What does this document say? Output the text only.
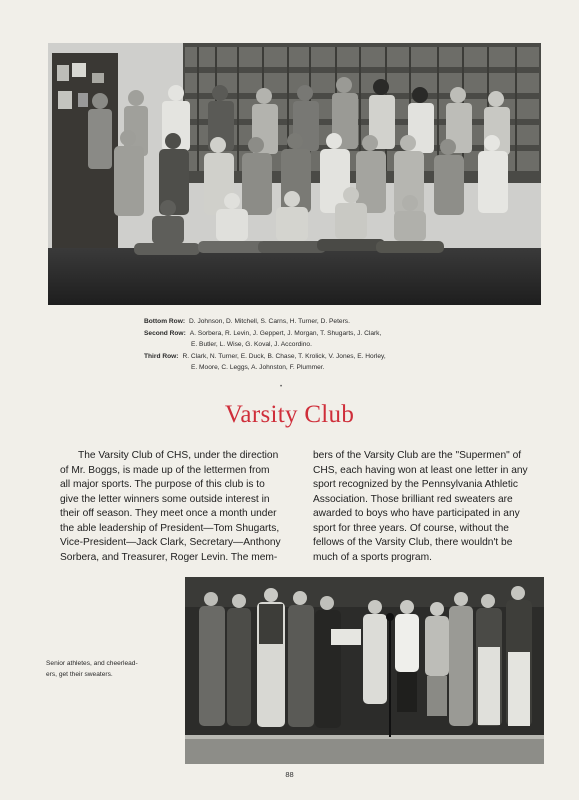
Bottom Row: D. Johnson, D. Mitchell, S. Carns, H. Turner, D. Peters.
Second Row: A. Sorbera, R. Levin, J. Geppert, J. Morgan, T. Shugarts, J. Clark,
E. Butler, L. Wise, G. Koval, J. Accordino.
Third Row: R. Clark, N. Turner, E. Duck, B. Chase, T. Krolick, V. Jones, E. Horley,
E. Moore, C. Leggs, A. Johnston, F. Plummer.
•
Varsity Club

The Varsity Club of CHS, under the direction

of Mr. Boggs, is made up of the lettermen from

all major sports. The purpose of this club is to

give the letter winners some outside interest in

their off season. They meet once a month under

the able leadership of President—Tom Shugarts,

Vice-President—Jack Clark, Secretary—Anthony

Sorbera, and Treasurer, Roger Levin. The mem-

bers of the Varsity Club are the "Supermen" of

CHS, each having won at least one letter in any

sport recognized by the Pennsylvania Athletic

Association. Those brilliant red sweaters are

awarded to boys who have participated in any

sport for three years. Of course, without the

fellows of the Varsity Club, there wouldn't be

much of a sports program.

Senior athletes, and cheerlead-
ers, get their sweaters.
88
